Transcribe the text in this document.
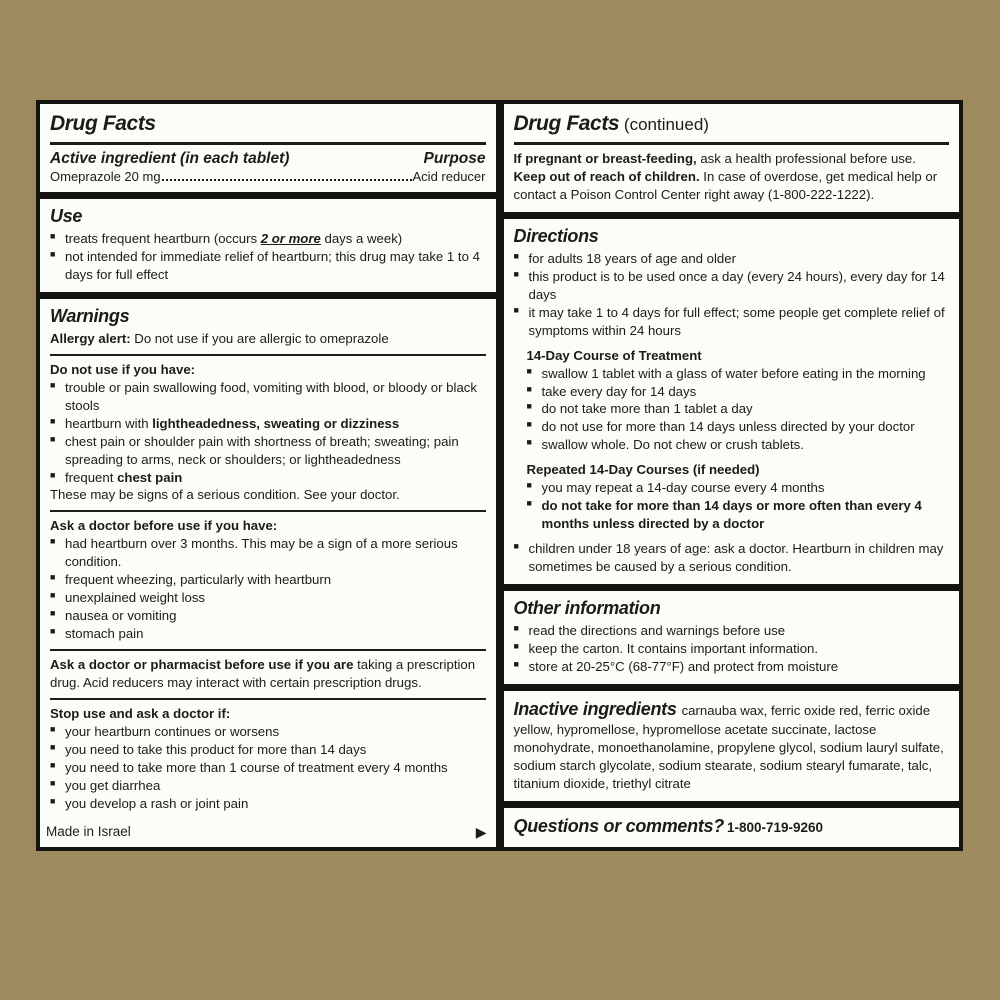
Drug Facts
Active ingredient (in each tablet)	Purpose
Omeprazole 20 mg	Acid reducer
Use
■ treats frequent heartburn (occurs 2 or more days a week)
■ not intended for immediate relief of heartburn; this drug may take 1 to 4 days for full effect
Warnings
Allergy alert: Do not use if you are allergic to omeprazole
Do not use if you have:
■ trouble or pain swallowing food, vomiting with blood, or bloody or black stools
■ heartburn with lightheadedness, sweating or dizziness
■ chest pain or shoulder pain with shortness of breath; sweating; pain spreading to arms, neck or shoulders; or lightheadedness
■ frequent chest pain
These may be signs of a serious condition. See your doctor.
Ask a doctor before use if you have:
■ had heartburn over 3 months. This may be a sign of a more serious condition.
■ frequent wheezing, particularly with heartburn
■ unexplained weight loss
■ nausea or vomiting
■ stomach pain
Ask a doctor or pharmacist before use if you are taking a prescription drug. Acid reducers may interact with certain prescription drugs.
Stop use and ask a doctor if:
■ your heartburn continues or worsens
■ you need to take this product for more than 14 days
■ you need to take more than 1 course of treatment every 4 months
■ you get diarrhea
■ you develop a rash or joint pain
▶
Drug Facts (continued)
If pregnant or breast-feeding, ask a health professional before use.
Keep out of reach of children. In case of overdose, get medical help or contact a Poison Control Center right away (1-800-222-1222).
Directions
■ for adults 18 years of age and older
■ this product is to be used once a day (every 24 hours), every day for 14 days
■ it may take 1 to 4 days for full effect; some people get complete relief of symptoms within 24 hours
14-Day Course of Treatment
■ swallow 1 tablet with a glass of water before eating in the morning
■ take every day for 14 days
■ do not take more than 1 tablet a day
■ do not use for more than 14 days unless directed by your doctor
■ swallow whole. Do not chew or crush tablets.
Repeated 14-Day Courses (if needed)
■ you may repeat a 14-day course every 4 months
■ do not take for more than 14 days or more often than every 4 months unless directed by a doctor
■ children under 18 years of age: ask a doctor. Heartburn in children may sometimes be caused by a serious condition.
Other information
■ read the directions and warnings before use
■ keep the carton. It contains important information.
■ store at 20-25°C (68-77°F) and protect from moisture
Inactive ingredients carnauba wax, ferric oxide red, ferric oxide yellow, hypromellose, hypromellose acetate succinate, lactose monohydrate, monoethanolamine, propylene glycol, sodium lauryl sulfate, sodium starch glycolate, sodium stearate, sodium stearyl fumarate, talc, titanium dioxide, triethyl citrate
Questions or comments? 1-800-719-9260
Made in Israel
